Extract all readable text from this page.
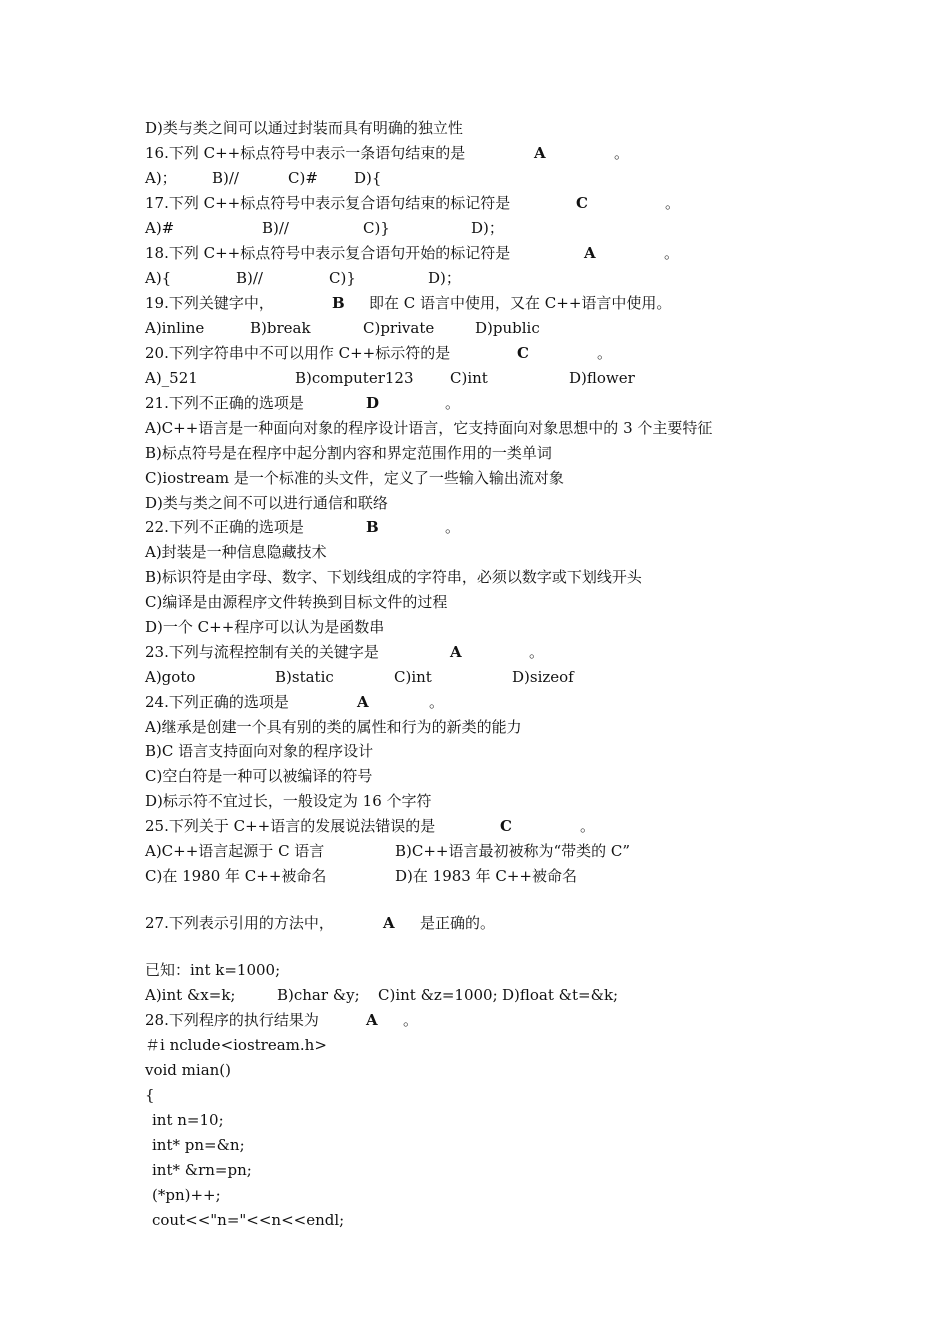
D)类与类之间可以通过封装而具有明确的独立性
16.下列 C++标点符号中表示一条语句结束的是	A	。
A)； B)//	C)# D){
17.下列 C++标点符号中表示复合语句结束的标记符是	C	。
A)#	B)//	C)}	D)；
18.下列 C++标点符号中表示复合语句开始的标记符是	A	。
A){	B)//	C)}	D)；
19.下列关键字中，	B 即在 C 语言中使用，又在 C++语言中使用。
A)inline	B)break	C)private	D)public
20.下列字符串中不可以用作 C++标示符的是	C	。
A)_521	B)computer123 C)int	D)flower
21.下列不正确的选项是	D	。
A)C++语言是一种面向对象的程序设计语言，它支持面向对象思想中的 3 个主要特征
B)标点符号是在程序中起分割内容和界定范围作用的一类单词
C)iostream 是一个标准的头文件，定义了一些输入输出流对象
D)类与类之间不可以进行通信和联络
22.下列不正确的选项是	B	。
A)封装是一种信息隐藏技术
B)标识符是由字母、数字、下划线组成的字符串，必须以数字或下划线开头
C)编译是由源程序文件转换到目标文件的过程
D)一个 C++程序可以认为是函数串
23.下列与流程控制有关的关键字是	A	。
A)goto	B)static	C)int	D)sizeof
24.下列正确的选项是	A	。
A)继承是创建一个具有别的类的属性和行为的新类的能力
B)C 语言支持面向对象的程序设计
C)空白符是一种可以被编译的符号
D)标示符不宜过长，一般设定为 16 个字符
25.下列关于 C++语言的发展说法错误的是	C	。
A)C++语言起源于 C 语言	B)C++语言最初被称为“带类的 C”
C)在 1980 年 C++被命名	D)在 1983 年 C++被命名
27.下列表示引用的方法中，	A 是正确的。
已知：int k=1000;
A)int &x=k;	B)char &y; C)int &z=1000; D)float &t=&k;
28.下列程序的执行结果为	A 。
＃i nclude<iostream.h>
void mian()
{
int n=10;
int* pn=&n;
int* &rn=pn;
(*pn)++;
cout<<"n="<<n<<endl;
